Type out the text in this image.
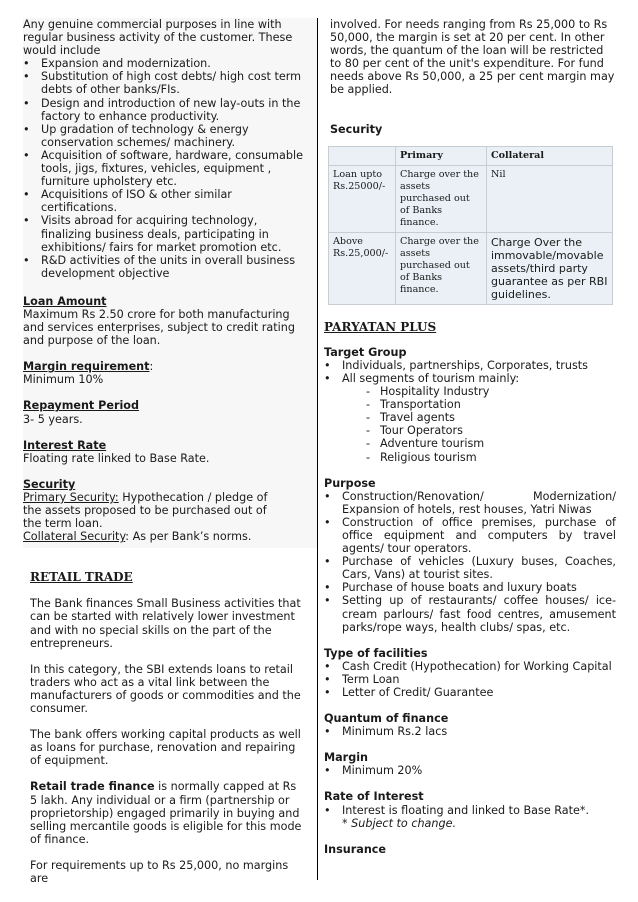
Any genuine commercial purposes in line with regular business activity of the customer. These would include

• Expansion and modernization.
• Substitution of high cost debts/ high cost term debts of other banks/FIs.
• Design and introduction of new lay-outs in the factory to enhance productivity.
• Up gradation of technology & energy conservation schemes/ machinery.
• Acquisition of software, hardware, consumable tools, jigs, fixtures, vehicles, equipment , furniture upholstery etc.
• Acquisitions of ISO & other similar certifications.
• Visits abroad for acquiring technology, finalizing business deals, participating in exhibitions/ fairs for market promotion etc.
• R&D activities of the units in overall business development objective

Loan Amount

Maximum Rs 2.50 crore for both manufacturing and services enterprises, subject to credit rating and purpose of the loan.

Margin requirement:

Minimum 10%

Repayment Period

3- 5 years.

Interest Rate

Floating rate linked to Base Rate.

Security

Primary Security: Hypothecation / pledge of the assets proposed to be purchased out of

the term loan.

Collateral Security: As per Bank’s norms.

RETAIL TRADE

The Bank finances Small Business activities that can be started with relatively lower investment and with no special skills on the part of the entrepreneurs.

In this category, the SBI extends loans to retail traders who act as a vital link between the manufacturers of goods or commodities and the consumer.

The bank offers working capital products as well as loans for purchase, renovation and repairing of equipment.

Retail trade finance is normally capped at Rs 5 lakh. Any individual or a firm (partnership or proprietorship) engaged primarily in buying and selling mercantile goods is eligible for this mode of finance.

For requirements up to Rs 25,000, no margins are

involved. For needs ranging from Rs 25,000 to Rs 50,000, the margin is set at 20 per cent. In other words, the quantum of the loan will be restricted to 80 per cent of the unit's expenditure. For fund needs above Rs 50,000, a 25 per cent margin may be applied.

Security

	Primary	Collateral
Loan upto Rs.25000/-	Charge over the assets purchased out of Banks finance.	Nil
Above Rs.25,000/-	Charge over the assets purchased out of Banks finance.	Charge Over the immovable/movable assets/third party guarantee as per RBI guidelines.

PARYATAN PLUS

Target Group

• Individuals, partnerships, Corporates, trusts
• All segments of tourism mainly:
- Hospitality Industry
- Transportation
- Travel agents
- Tour Operators
- Adventure tourism
- Religious tourism

Purpose

• Construction/Renovation/ Modernization/ Expansion of hotels, rest houses, Yatri Niwas
• Construction of office premises, purchase of office equipment and computers by travel agents/ tour operators.
• Purchase of vehicles (Luxury buses, Coaches, Cars, Vans) at tourist sites.
• Purchase of house boats and luxury boats
• Setting up of restaurants/ coffee houses/ ice-cream parlours/ fast food centres, amusement parks/rope ways, health clubs/ spas, etc.

Type of facilities

• Cash Credit (Hypothecation) for Working Capital
• Term Loan
• Letter of Credit/ Guarantee

Quantum of finance

• Minimum Rs.2 lacs

Margin

• Minimum 20%

Rate of Interest

• Interest is floating and linked to Base Rate*.

* Subject to change.

Insurance
